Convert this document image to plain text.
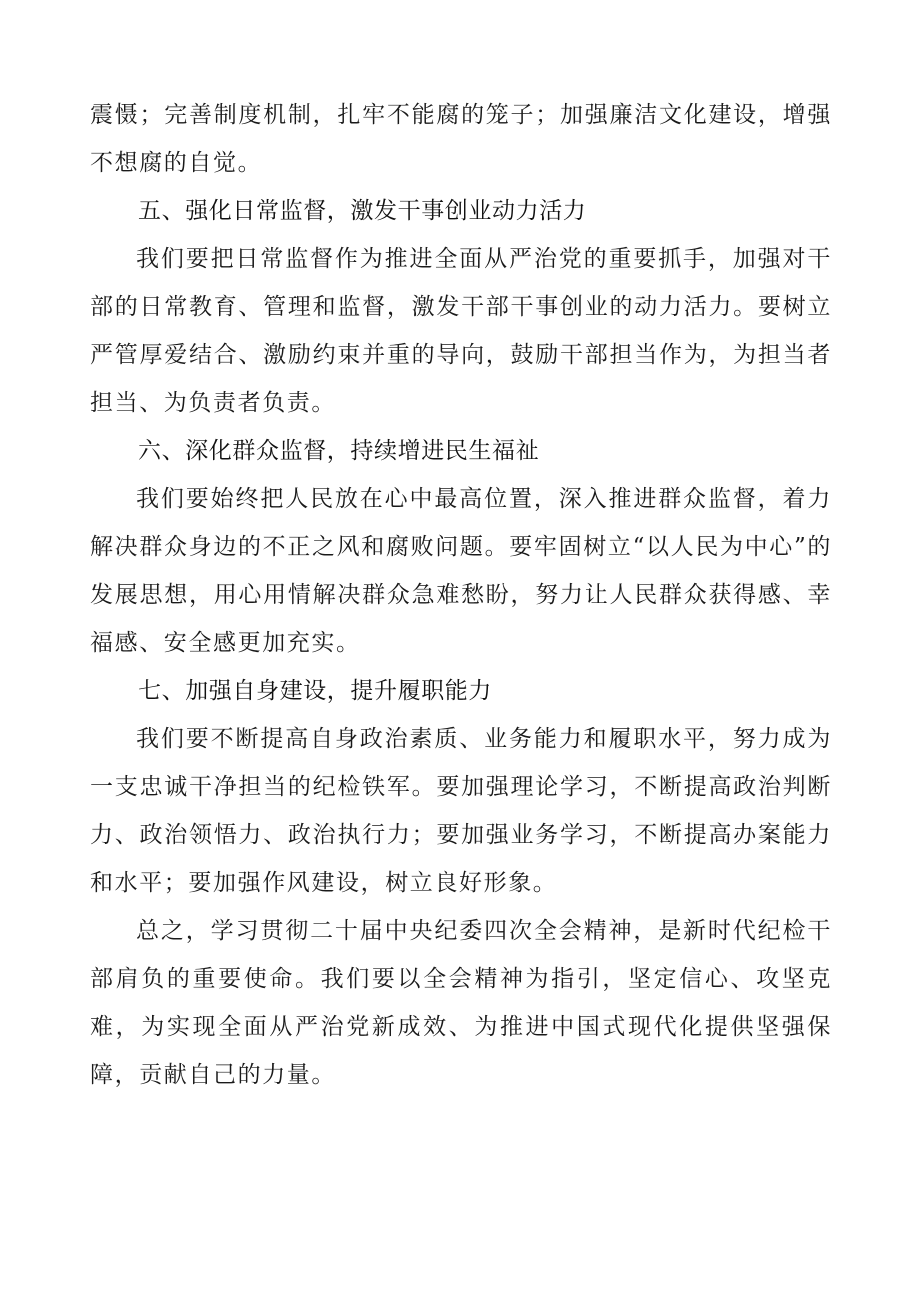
震慑；完善制度机制，扎牢不能腐的笼子；加强廉洁文化建设，增强不想腐的自觉。

五、强化日常监督，激发干事创业动力活力

我们要把日常监督作为推进全面从严治党的重要抓手，加强对干部的日常教育、管理和监督，激发干部干事创业的动力活力。要树立严管厚爱结合、激励约束并重的导向，鼓励干部担当作为，为担当者担当、为负责者负责。

六、深化群众监督，持续增进民生福祉

我们要始终把人民放在心中最高位置，深入推进群众监督，着力解决群众身边的不正之风和腐败问题。要牢固树立“以人民为中心”的发展思想，用心用情解决群众急难愁盼，努力让人民群众获得感、幸福感、安全感更加充实。

七、加强自身建设，提升履职能力

我们要不断提高自身政治素质、业务能力和履职水平，努力成为一支忠诚干净担当的纪检铁军。要加强理论学习，不断提高政治判断力、政治领悟力、政治执行力；要加强业务学习，不断提高办案能力和水平；要加强作风建设，树立良好形象。

总之，学习贯彻二十届中央纪委四次全会精神，是新时代纪检干部肩负的重要使命。我们要以全会精神为指引，坚定信心、攻坚克难，为实现全面从严治党新成效、为推进中国式现代化提供坚强保障，贡献自己的力量。
